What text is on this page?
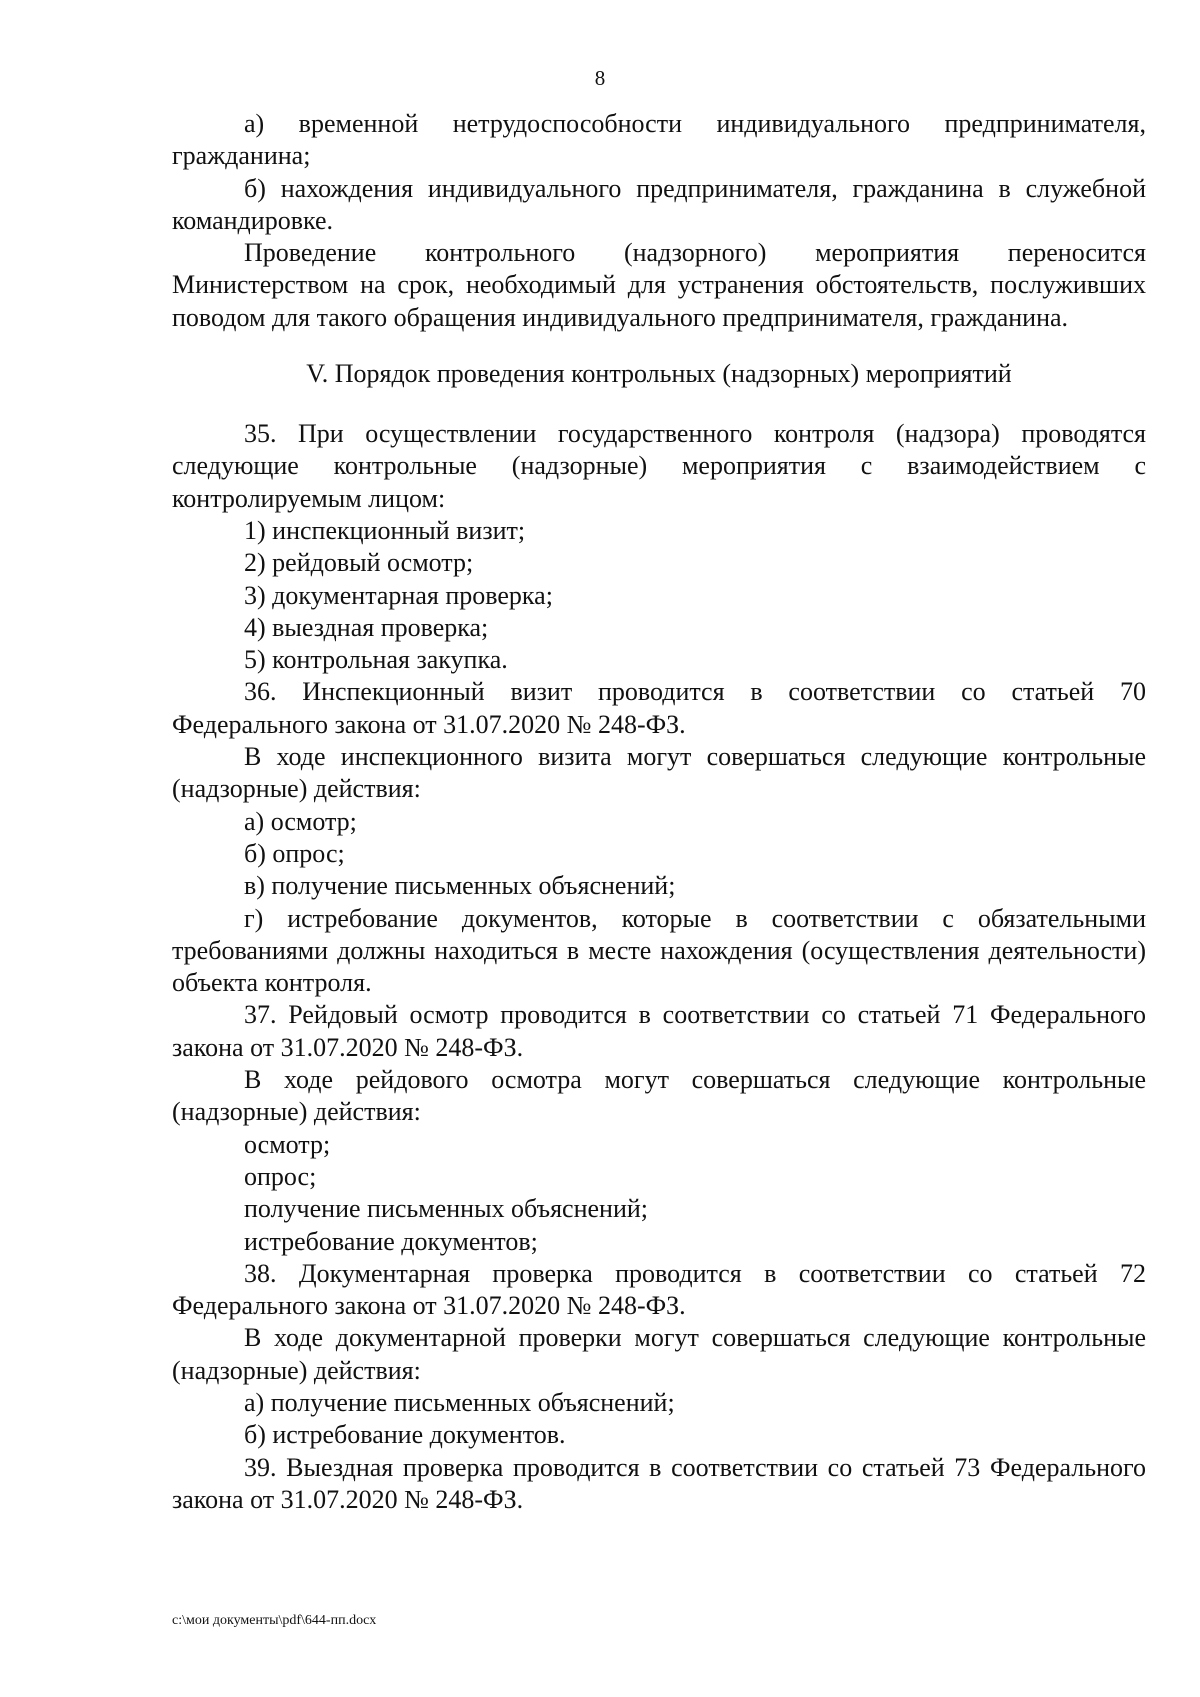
8

а) временной нетрудоспособности индивидуального предпринимателя, гражданина;

б) нахождения индивидуального предпринимателя, гражданина в служебной командировке.

Проведение контрольного (надзорного) мероприятия переносится Министерством на срок, необходимый для устранения обстоятельств, послуживших поводом для такого обращения индивидуального предпринимателя, гражданина.

V. Порядок проведения контрольных (надзорных) мероприятий

35. При осуществлении государственного контроля (надзора) проводятся следующие контрольные (надзорные) мероприятия с взаимодействием с контролируемым лицом:

1) инспекционный визит;

2) рейдовый осмотр;

3) документарная проверка;

4) выездная проверка;

5) контрольная закупка.

36. Инспекционный визит проводится в соответствии со статьей 70 Федерального закона от 31.07.2020 № 248-ФЗ.

В ходе инспекционного визита могут совершаться следующие контрольные (надзорные) действия:

а) осмотр;

б) опрос;

в) получение письменных объяснений;

г) истребование документов, которые в соответствии с обязательными требованиями должны находиться в месте нахождения (осуществления деятельности) объекта контроля.

37. Рейдовый осмотр проводится в соответствии со статьей 71 Федерального закона от 31.07.2020 № 248-ФЗ.

В ходе рейдового осмотра могут совершаться следующие контрольные (надзорные) действия:

осмотр;

опрос;

получение письменных объяснений;

истребование документов;

38. Документарная проверка проводится в соответствии со статьей 72 Федерального закона от 31.07.2020 № 248-ФЗ.

В ходе документарной проверки могут совершаться следующие контрольные (надзорные) действия:

а) получение письменных объяснений;

б) истребование документов.

39. Выездная проверка проводится в соответствии со статьей 73 Федерального закона от 31.07.2020 № 248-ФЗ.

c:\мои документы\pdf\644-пп.docx
